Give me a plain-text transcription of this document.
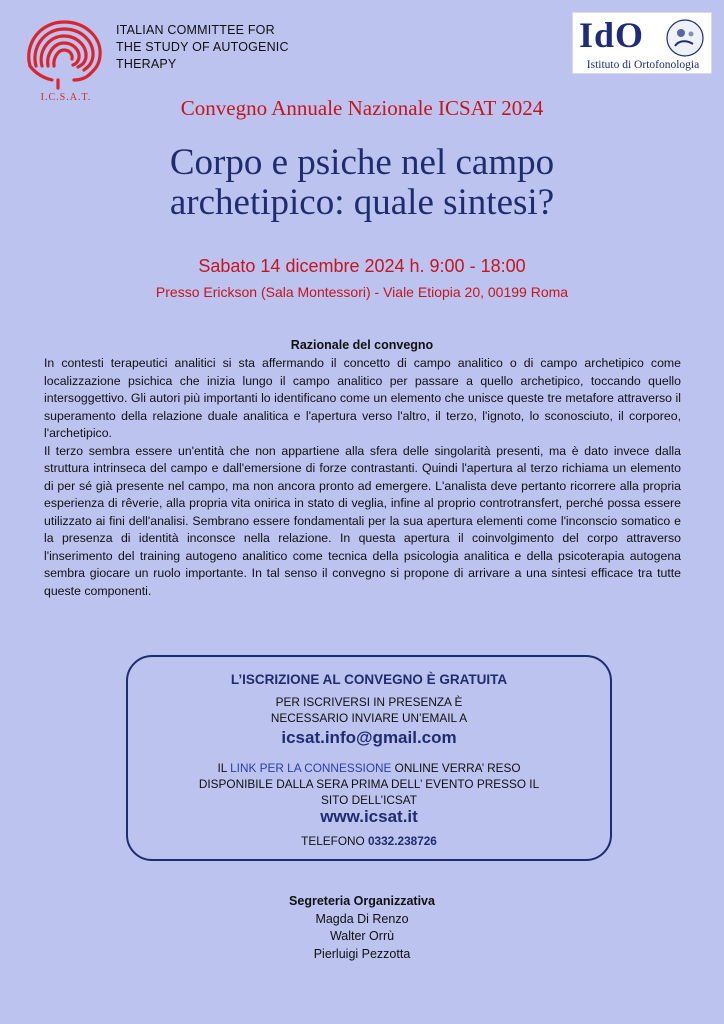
I.C.S.A.T.
ITALIAN COMMITTEE FOR
THE STUDY OF AUTOGENIC
THERAPY
IdO
Istituto di Ortofonologia
Convegno Annuale Nazionale ICSAT 2024
Corpo e psiche nel campo
archetipico: quale sintesi?
Sabato 14 dicembre 2024 h. 9:00 - 18:00
Presso Erickson (Sala Montessori) - Viale Etiopia 20, 00199 Roma
Razionale del convegno

In contesti terapeutici analitici si sta affermando il concetto di campo analitico o di campo archetipico come localizzazione psichica che inizia lungo il campo analitico per passare a quello archetipico, toccando quello intersoggettivo. Gli autori più importanti lo identificano come un elemento che unisce queste tre metafore attraverso il superamento della relazione duale analitica e l'apertura verso l'altro, il terzo, l'ignoto, lo sconosciuto, il corporeo, l'archetipico.

Il terzo sembra essere un'entità che non appartiene alla sfera delle singolarità presenti, ma è dato invece dalla struttura intrinseca del campo e dall'emersione di forze contrastanti. Quindi l'apertura al terzo richiama un elemento di per sé già presente nel campo, ma non ancora pronto ad emergere. L'analista deve pertanto ricorrere alla propria esperienza di rêverie, alla propria vita onirica in stato di veglia, infine al proprio controtransfert, perché possa essere utilizzato ai fini dell'analisi. Sembrano essere fondamentali per la sua apertura elementi come l'inconscio somatico e la presenza di identità inconsce nella relazione. In questa apertura il coinvolgimento del corpo attraverso l'inserimento del training autogeno analitico come tecnica della psicologia analitica e della psicoterapia autogena sembra giocare un ruolo importante. In tal senso il convegno si propone di arrivare a una sintesi efficace tra tutte queste componenti.

L’ISCRIZIONE AL CONVEGNO È GRATUITA
PER ISCRIVERSI IN PRESENZA È
NECESSARIO INVIARE UN’EMAIL A
icsat.info@gmail.com
IL LINK PER LA CONNESSIONE ONLINE VERRA’ RESO
DISPONIBILE DALLA SERA PRIMA DELL’ EVENTO PRESSO IL
SITO DELL’ICSAT
www.icsat.it
TELEFONO 0332.238726
Segreteria Organizzativa
Magda Di Renzo
Walter Orrù
Pierluigi Pezzotta
